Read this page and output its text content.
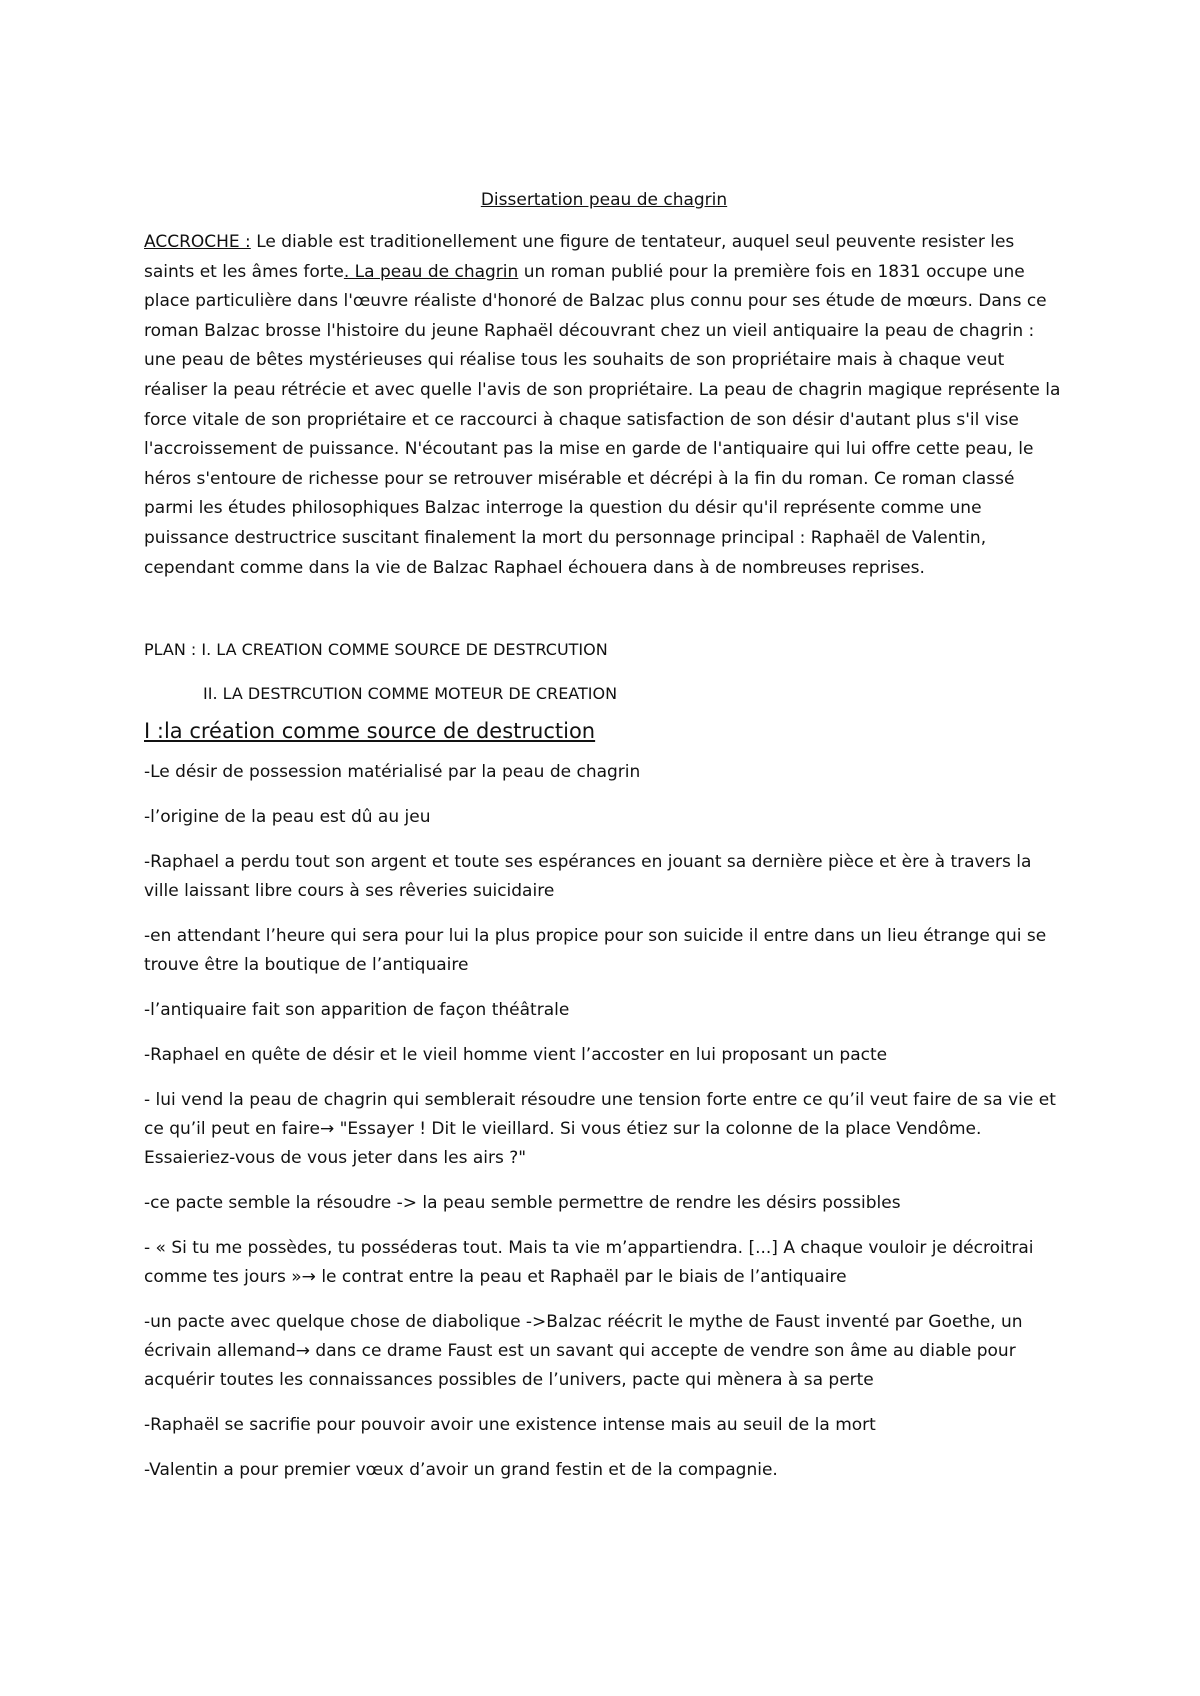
Dissertation peau de chagrin

ACCROCHE : Le diable est traditionellement une figure de tentateur, auquel seul peuvente resister les saints et les âmes forte. La peau de chagrin un roman publié pour la première fois en 1831 occupe une place particulière dans l'œuvre réaliste d'honoré de Balzac plus connu pour ses étude de mœurs. Dans ce roman Balzac brosse l'histoire du jeune Raphaël découvrant chez un vieil antiquaire la peau de chagrin : une peau de bêtes mystérieuses qui réalise tous les souhaits de son propriétaire mais à chaque veut réaliser la peau rétrécie et avec quelle l'avis de son propriétaire. La peau de chagrin magique représente la force vitale de son propriétaire et ce raccourci à chaque satisfaction de son désir d'autant plus s'il vise l'accroissement de puissance. N'écoutant pas la mise en garde de l'antiquaire qui lui offre cette peau, le héros s'entoure de richesse pour se retrouver misérable et décrépi à la fin du roman. Ce roman classé parmi les études philosophiques Balzac interroge la question du désir qu'il représente comme une puissance destructrice suscitant finalement la mort du personnage principal : Raphaël de Valentin, cependant comme dans la vie de Balzac Raphael échouera dans à de nombreuses reprises.

PLAN : I. LA CREATION COMME SOURCE DE DESTRCUTION

II. LA DESTRCUTION COMME MOTEUR DE CREATION

I :la création comme source de destruction

-Le désir de possession matérialisé par la peau de chagrin

-l’origine de la peau est dû au jeu

-Raphael a perdu tout son argent et toute ses espérances en jouant sa dernière pièce et ère à travers la ville laissant libre cours à ses rêveries suicidaire

-en attendant l’heure qui sera pour lui la plus propice pour son suicide il entre dans un lieu étrange qui se trouve être la boutique de l’antiquaire

-l’antiquaire fait son apparition de façon théâtrale

-Raphael en quête de désir et le vieil homme vient l’accoster en lui proposant un pacte

- lui vend la peau de chagrin qui semblerait résoudre une tension forte entre ce qu’il veut faire de sa vie et ce qu’il peut en faire→ "Essayer ! Dit le vieillard. Si vous étiez sur la colonne de la place Vendôme. Essaieriez-vous de vous jeter dans les airs ?"

-ce pacte semble la résoudre -> la peau semble permettre de rendre les désirs possibles

- « Si tu me possèdes, tu posséderas tout. Mais ta vie m’appartiendra. [...] A chaque vouloir je décroitrai comme tes jours »→ le contrat entre la peau et Raphaël par le biais de l’antiquaire

-un pacte avec quelque chose de diabolique ->Balzac réécrit le mythe de Faust inventé par Goethe, un écrivain allemand→ dans ce drame Faust est un savant qui accepte de vendre son âme au diable pour acquérir toutes les connaissances possibles de l’univers, pacte qui mènera à sa perte

-Raphaël se sacrifie pour pouvoir avoir une existence intense mais au seuil de la mort

-Valentin a pour premier vœux d’avoir un grand festin et de la compagnie.
